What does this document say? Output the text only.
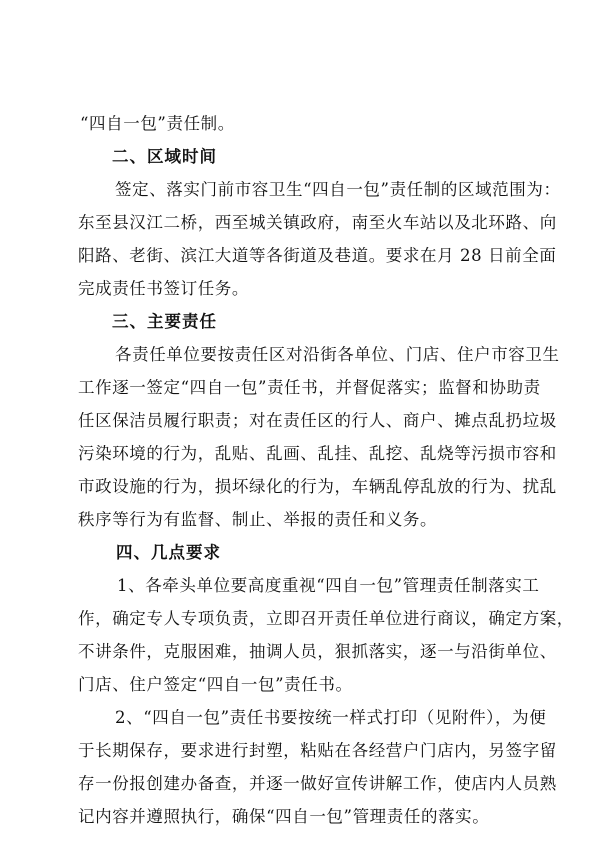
“四自一包”责任制。
二、区域时间
签定、落实门前市容卫生“四自一包”责任制的区域范围为：
东至县汉江二桥，西至城关镇政府，南至火车站以及北环路、向
阳路、老街、滨江大道等各街道及巷道。要求在月 28 日前全面
完成责任书签订任务。
三、主要责任
各责任单位要按责任区对沿街各单位、门店、住户市容卫生
工作逐一签定“四自一包”责任书，并督促落实；监督和协助责
任区保洁员履行职责；对在责任区的行人、商户、摊点乱扔垃圾
污染环境的行为，乱贴、乱画、乱挂、乱挖、乱烧等污损市容和
市政设施的行为，损坏绿化的行为，车辆乱停乱放的行为、扰乱
秩序等行为有监督、制止、举报的责任和义务。
四、几点要求
1、各牵头单位要高度重视“四自一包”管理责任制落实工
作，确定专人专项负责，立即召开责任单位进行商议，确定方案，
不讲条件，克服困难，抽调人员，狠抓落实，逐一与沿街单位、
门店、住户签定“四自一包”责任书。
2、“四自一包”责任书要按统一样式打印（见附件），为便
于长期保存，要求进行封塑，粘贴在各经营户门店内，另签字留
存一份报创建办备查，并逐一做好宣传讲解工作，使店内人员熟
记内容并遵照执行，确保“四自一包”管理责任的落实。
